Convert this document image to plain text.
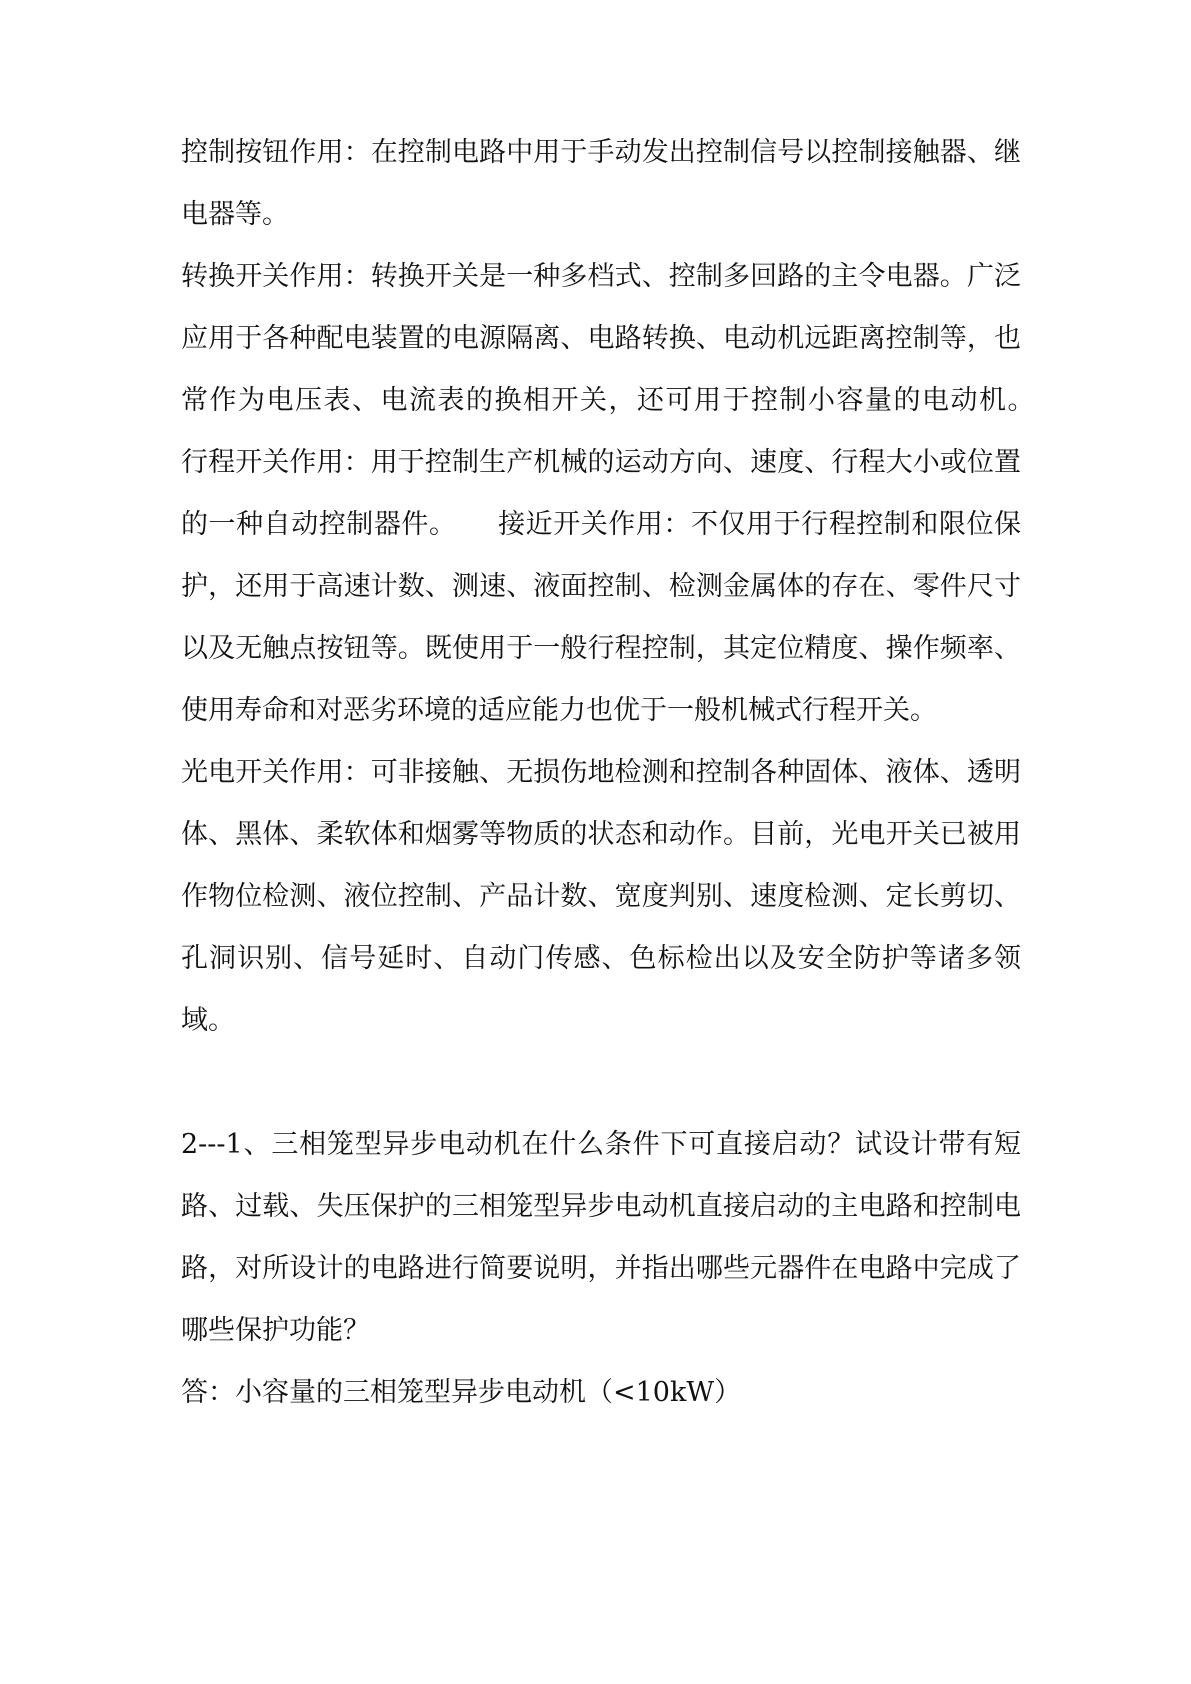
控制按钮作用：在控制电路中用于手动发出控制信号以控制接触器、继电器等。

转换开关作用：转换开关是一种多档式、控制多回路的主令电器。广泛应用于各种配电装置的电源隔离、电路转换、电动机远距离控制等，也常作为电压表、电流表的换相开关，还可用于控制小容量的电动机。　行程开关作用：用于控制生产机械的运动方向、速度、行程大小或位置的一种自动控制器件。　　接近开关作用：不仅用于行程控制和限位保护，还用于高速计数、测速、液面控制、检测金属体的存在、零件尺寸以及无触点按钮等。既使用于一般行程控制，其定位精度、操作频率、使用寿命和对恶劣环境的适应能力也优于一般机械式行程开关。

光电开关作用：可非接触、无损伤地检测和控制各种固体、液体、透明体、黑体、柔软体和烟雾等物质的状态和动作。目前，光电开关已被用作物位检测、液位控制、产品计数、宽度判别、速度检测、定长剪切、孔洞识别、信号延时、自动门传感、色标检出以及安全防护等诸多领域。

2---1、三相笼型异步电动机在什么条件下可直接启动？试设计带有短路、过载、失压保护的三相笼型异步电动机直接启动的主电路和控制电路，对所设计的电路进行简要说明，并指出哪些元器件在电路中完成了哪些保护功能？

答：小容量的三相笼型异步电动机（<10kW）
